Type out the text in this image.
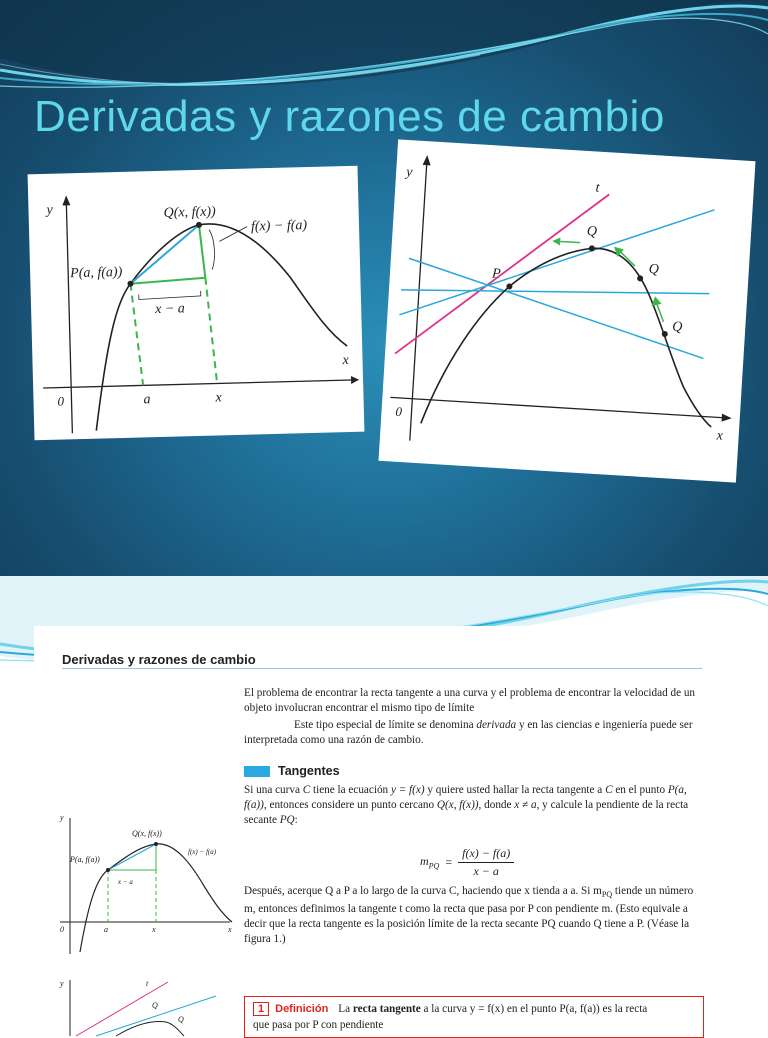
Derivadas y razones de cambio
y
x
0
P(a, f(a))
Q(x, f(x))
f(x) − f(a)
x − a
a	x
y
x
0
t
P
Q
Q
Q
Derivadas y razones de cambio

El problema de encontrar la recta tangente a una curva y el problema de encontrar la velocidad de un objeto involucran encontrar el mismo tipo de límite

Este tipo especial de límite se denomina derivada y en las ciencias e ingeniería puede ser interpretada como una razón de cambio.

Tangentes

Si una curva C tiene la ecuación y = f(x) y quiere usted hallar la recta tangente a C en el punto P(a, f(a)), entonces considere un punto cercano Q(x, f(x)), donde x ≠ a, y calcule la pendiente de la recta secante PQ:

$m_{PQ} = \frac{f(x) - f(a)}{x - a}$

Después, acerque Q a P a lo largo de la curva C, haciendo que x tienda a a. Si $m_{PQ}$ tiende un número m, entonces definimos la tangente t como la recta que pasa por P con pendiente m. (Esto equivale a decir que la recta tangente es la posición límite de la recta secante PQ cuando Q tiene a P. (Véase la figura 1.)

y
x
0
P(a, f(a))
Q(x, f(x))
f(x) − f(a)
x − a
a	x
y	t
Q
Q
1 Definición La recta tangente a la curva y = f(x) en el punto P(a, f(a)) es la recta
que pasa por P con pendiente
